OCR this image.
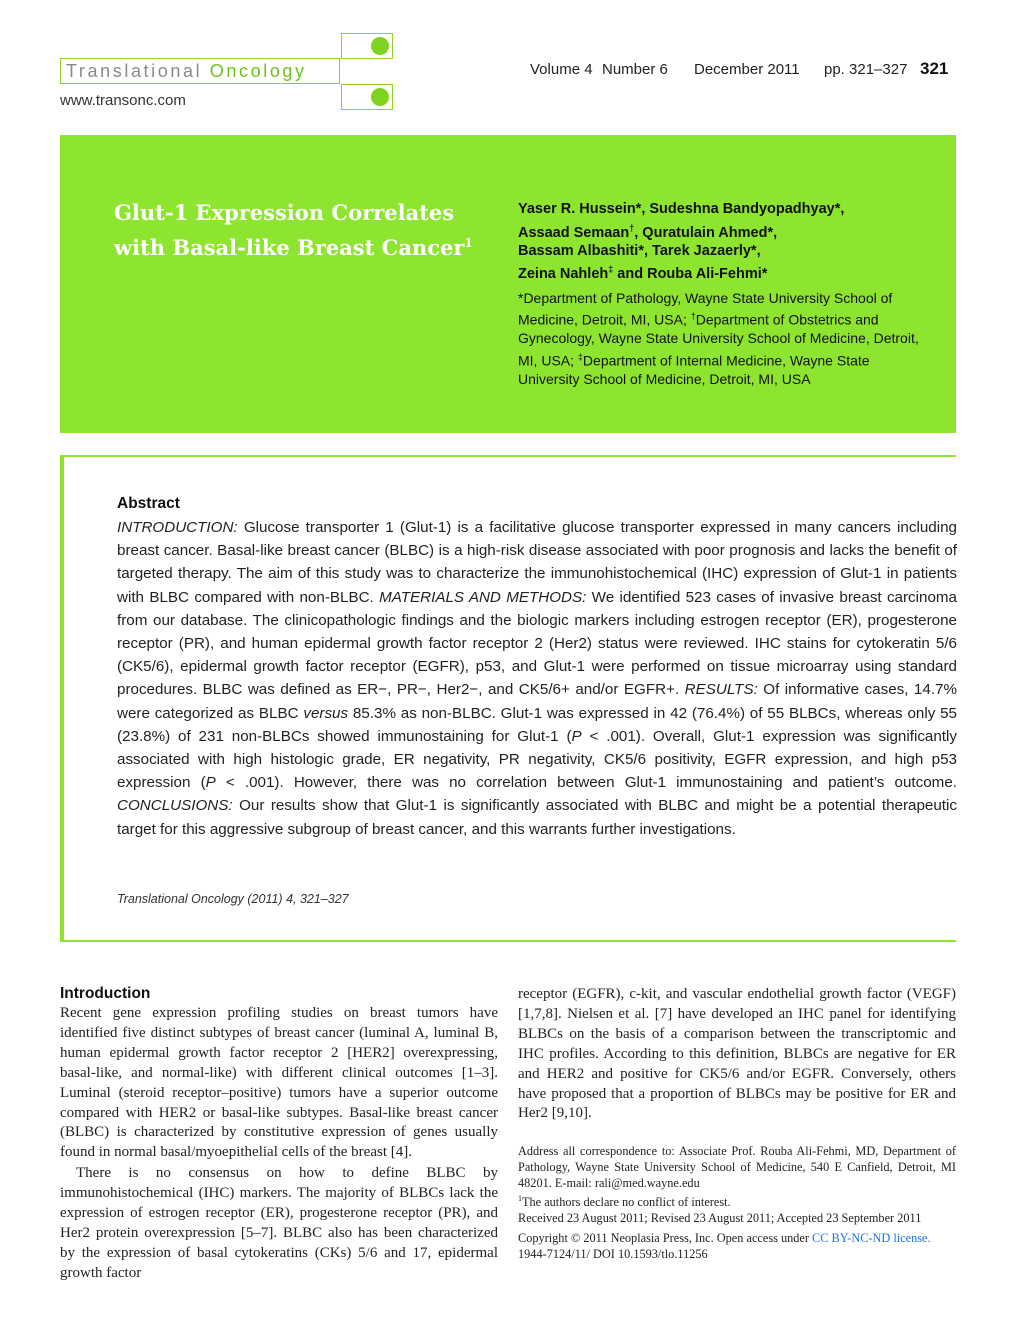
Translational Oncology
www.transonc.com
Volume 4 Number 6 December 2011 pp. 321–327 321
Glut-1 Expression Correlates
with Basal-like Breast Cancer$^1$
Yaser R. Hussein*, Sudeshna Bandyopadhyay*,
Assaad Semaan†, Quratulain Ahmed*,
Bassam Albashiti*, Tarek Jazaerly*,
Zeina Nahleh‡ and Rouba Ali-Fehmi*
*Department of Pathology, Wayne State University School of Medicine, Detroit, MI, USA; †Department of Obstetrics and Gynecology, Wayne State University School of Medicine, Detroit, MI, USA; ‡Department of Internal Medicine, Wayne State University School of Medicine, Detroit, MI, USA
Abstract
INTRODUCTION: Glucose transporter 1 (Glut-1) is a facilitative glucose transporter expressed in many cancers including breast cancer. Basal-like breast cancer (BLBC) is a high-risk disease associated with poor prognosis and lacks the benefit of targeted therapy. The aim of this study was to characterize the immunohistochemical (IHC) expression of Glut-1 in patients with BLBC compared with non-BLBC. MATERIALS AND METHODS: We identified 523 cases of invasive breast carcinoma from our database. The clinicopathologic findings and the biologic markers including estrogen receptor (ER), progesterone receptor (PR), and human epidermal growth factor receptor 2 (Her2) status were reviewed. IHC stains for cytokeratin 5/6 (CK5/6), epidermal growth factor receptor (EGFR), p53, and Glut-1 were performed on tissue microarray using standard procedures. BLBC was defined as ER−, PR−, Her2−, and CK5/6+ and/or EGFR+. RESULTS: Of informative cases, 14.7% were categorized as BLBC versus 85.3% as non-BLBC. Glut-1 was expressed in 42 (76.4%) of 55 BLBCs, whereas only 55 (23.8%) of 231 non-BLBCs showed immunostaining for Glut-1 (P < .001). Overall, Glut-1 expression was significantly associated with high histologic grade, ER negativity, PR negativity, CK5/6 positivity, EGFR expression, and high p53 expression (P < .001). However, there was no correlation between Glut-1 immunostaining and patient’s outcome. CONCLUSIONS: Our results show that Glut-1 is significantly associated with BLBC and might be a potential therapeutic target for this aggressive subgroup of breast cancer, and this warrants further investigations.
Translational Oncology (2011) 4, 321–327
Introduction
Recent gene expression profiling studies on breast tumors have identified five distinct subtypes of breast cancer (luminal A, luminal B, human epidermal growth factor receptor 2 [HER2] overexpressing, basal-like, and normal-like) with different clinical outcomes [1–3]. Luminal (steroid receptor–positive) tumors have a superior outcome compared with HER2 or basal-like subtypes. Basal-like breast cancer (BLBC) is characterized by constitutive expression of genes usually found in normal basal/myoepithelial cells of the breast [4].
There is no consensus on how to define BLBC by immunohistochemical (IHC) markers. The majority of BLBCs lack the expression of estrogen receptor (ER), progesterone receptor (PR), and Her2 protein overexpression [5–7]. BLBC also has been characterized by the expression of basal cytokeratins (CKs) 5/6 and 17, epidermal growth factor
receptor (EGFR), c-kit, and vascular endothelial growth factor (VEGF) [1,7,8]. Nielsen et al. [7] have developed an IHC panel for identifying BLBCs on the basis of a comparison between the transcriptomic and IHC profiles. According to this definition, BLBCs are negative for ER and HER2 and positive for CK5/6 and/or EGFR. Conversely, others have proposed that a proportion of BLBCs may be positive for ER and Her2 [9,10].
Address all correspondence to: Associate Prof. Rouba Ali-Fehmi, MD, Department of Pathology, Wayne State University School of Medicine, 540 E Canfield, Detroit, MI 48201. E-mail: rali@med.wayne.edu
$^1$The authors declare no conflict of interest.
Received 23 August 2011; Revised 23 August 2011; Accepted 23 September 2011
Copyright © 2011 Neoplasia Press, Inc. Open access under CC BY-NC-ND license.
1944-7124/11/ DOI 10.1593/tlo.11256
